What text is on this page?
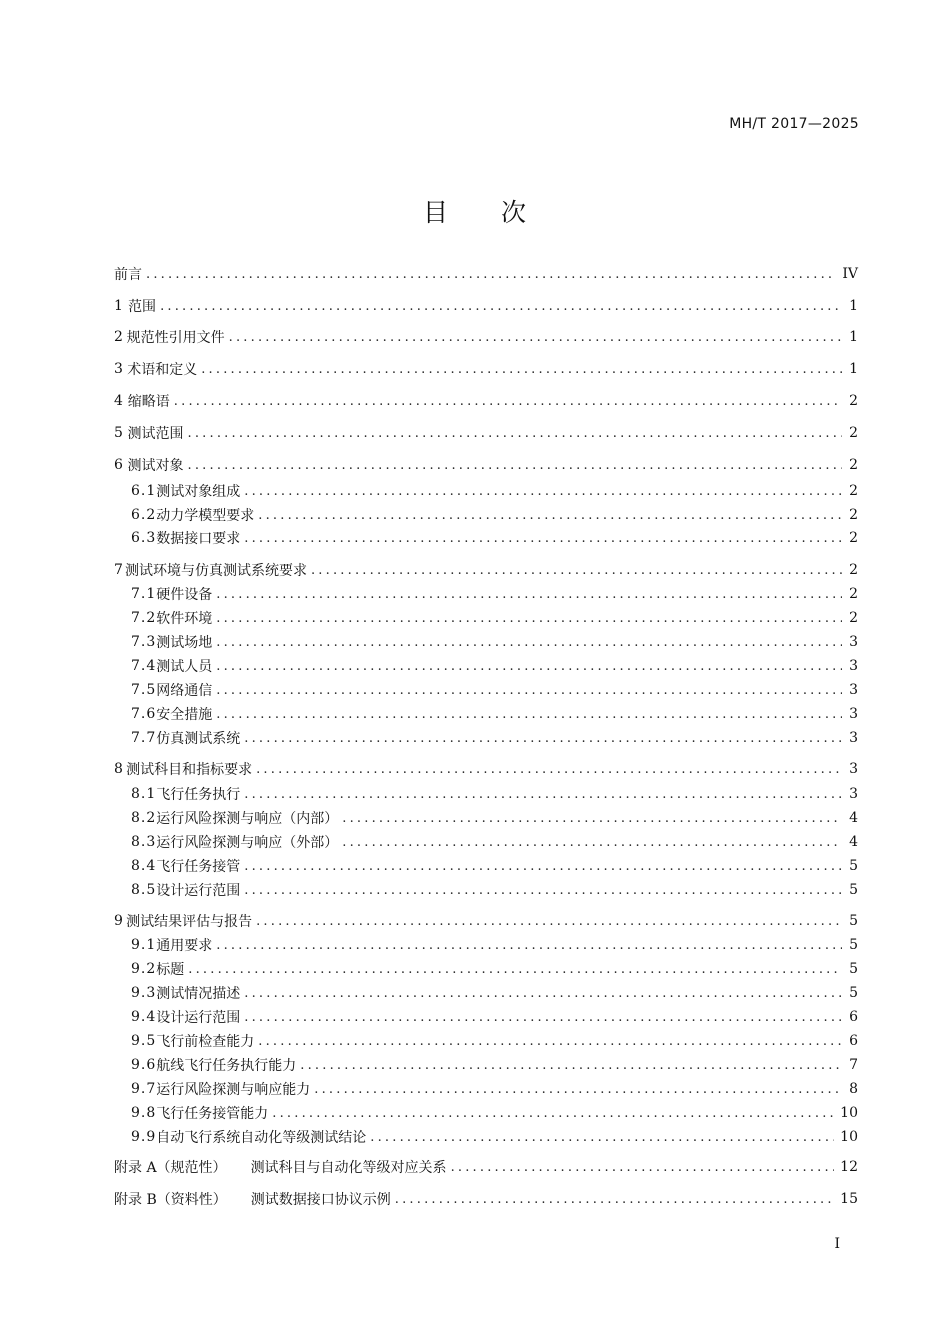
MH/T 2017—2025
目 次
前言 .....	IV
1 范围 .....	1
2 规范性引用文件 .....	1
3 术语和定义 .....	1
4 缩略语 .....	2
5 测试范围 .....	2
6 测试对象 .....	2
6.1 测试对象组成 .....	2
6.2 动力学模型要求 .....	2
6.3 数据接口要求 .....	2
7 测试环境与仿真测试系统要求 .....	2
7.1 硬件设备 .....	2
7.2 软件环境 .....	2
7.3 测试场地 .....	3
7.4 测试人员 .....	3
7.5 网络通信 .....	3
7.6 安全措施 .....	3
7.7 仿真测试系统 .....	3
8 测试科目和指标要求 .....	3
8.1 飞行任务执行 .....	3
8.2 运行风险探测与响应（内部） .....	4
8.3 运行风险探测与响应（外部） .....	4
8.4 飞行任务接管 .....	5
8.5 设计运行范围 .....	5
9 测试结果评估与报告 .....	5
9.1 通用要求 .....	5
9.2 标题 .....	5
9.3 测试情况描述 .....	5
9.4 设计运行范围 .....	6
9.5 飞行前检查能力 .....	6
9.6 航线飞行任务执行能力 .....	7
9.7 运行风险探测与响应能力 .....	8
9.8 飞行任务接管能力 .....	10
9.9 自动飞行系统自动化等级测试结论 .....	10
附录 A（规范性） 测试科目与自动化等级对应关系 .....	12
附录 B（资料性） 测试数据接口协议示例 .....	15
I
